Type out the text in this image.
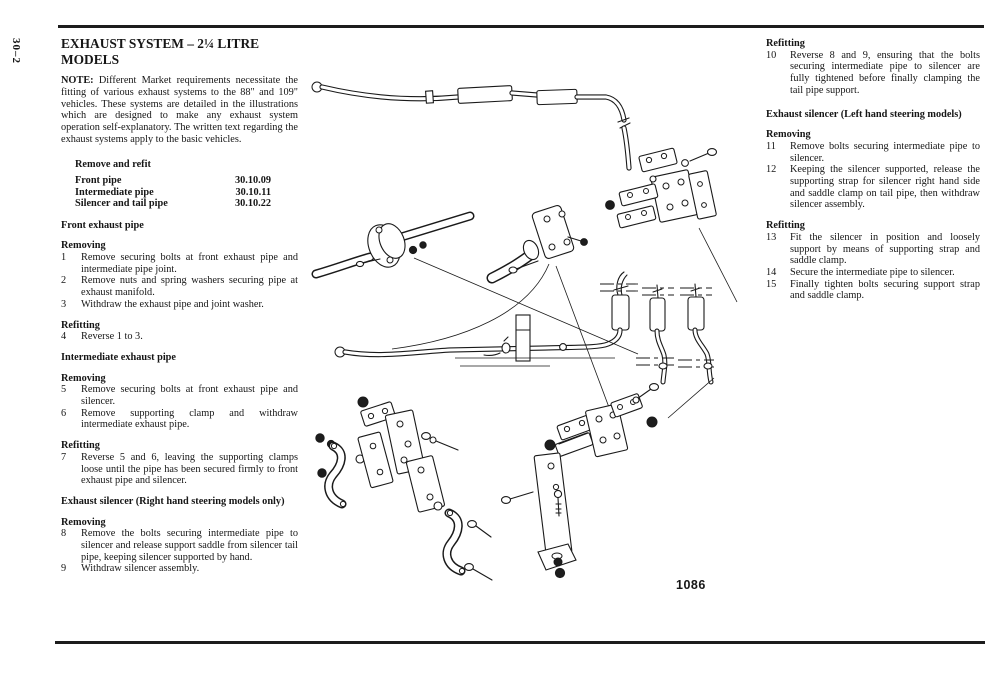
30–2	EXHAUST SYSTEM – 2¼ LITRE MODELS

NOTE: Different Market requirements necessitate the fitting of various exhaust systems to the 88" and 109" vehicles. These systems are detailed in the illustrations which are designed to make any exhaust system operation self-explanatory. The written text regarding the exhaust systems apply to the basic vehicles.

Remove and refit
Front pipe	30.10.09
Intermediate pipe	30.10.11
Silencer and tail pipe	30.10.22
Front exhaust pipe
Removing
1	Remove securing bolts at front exhaust pipe and intermediate pipe joint.
2	Remove nuts and spring washers securing pipe at exhaust manifold.
3	Withdraw the exhaust pipe and joint washer.
Refitting
4	Reverse 1 to 3.
Intermediate exhaust pipe
Removing
5	Remove securing bolts at front exhaust pipe and silencer.
6	Remove supporting clamp and withdraw intermediate exhaust pipe.
Refitting
7	Reverse 5 and 6, leaving the supporting clamps loose until the pipe has been secured firmly to front exhaust pipe and silencer.
Exhaust silencer (Right hand steering models only)
Removing
8	Remove the bolts securing intermediate pipe to silencer and release support saddle from silencer tail pipe, keeping silencer supported by hand.
9	Withdraw silencer assembly.
Refitting
10	Reverse 8 and 9, ensuring that the bolts securing intermediate pipe to silencer are fully tightened before finally clamping the tail pipe support.
Exhaust silencer (Left hand steering models)
Removing
11	Remove bolts securing intermediate pipe to silencer.
12	Keeping the silencer supported, release the supporting strap for silencer right hand side and saddle clamp on tail pipe, then withdraw silencer assembly.
Refitting
13	Fit the silencer in position and loosely support by means of supporting strap and saddle clamp.
14	Secure the intermediate pipe to silencer.
15	Finally tighten bolts securing support strap and saddle clamp.
1086
